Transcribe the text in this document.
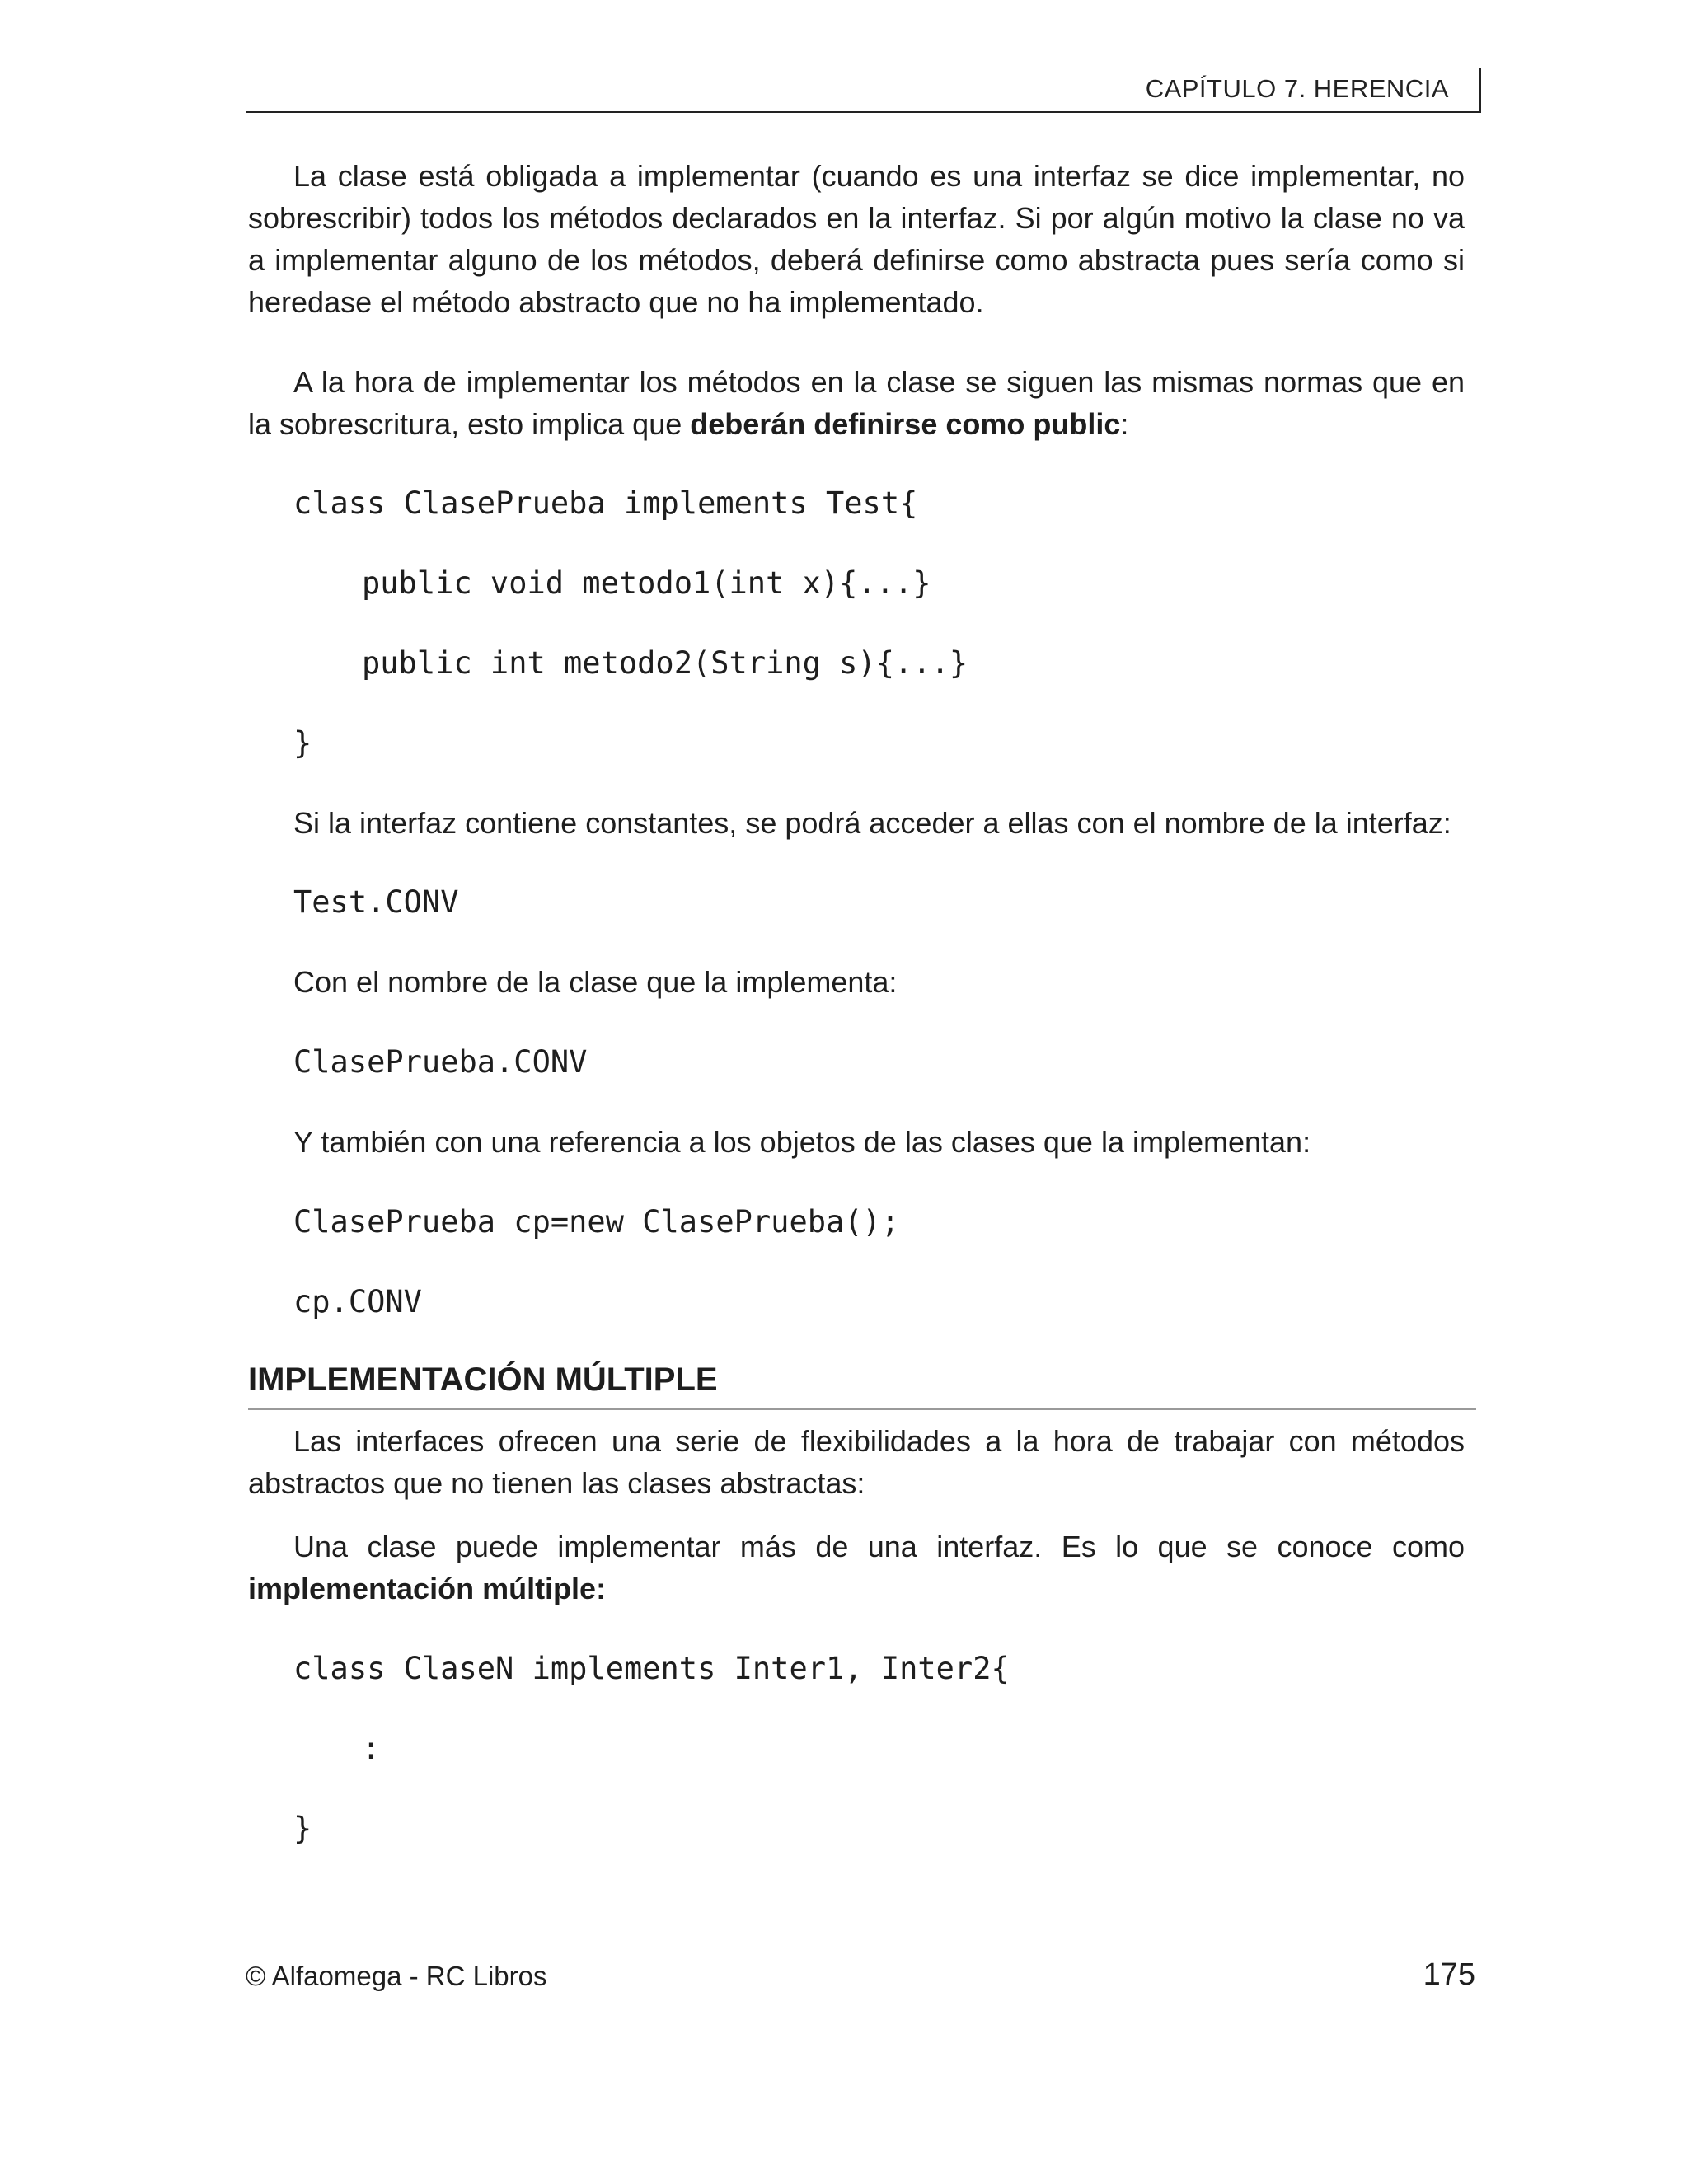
CAPÍTULO 7. HERENCIA

La clase está obligada a implementar (cuando es una interfaz se dice implementar, no sobrescribir) todos los métodos declarados en la interfaz. Si por algún motivo la clase no va a implementar alguno de los métodos, deberá definirse como abstracta pues sería como si heredase el método abstracto que no ha implementado.

A la hora de implementar los métodos en la clase se siguen las mismas normas que en la sobrescritura, esto implica que deberán definirse como public:

class ClasePrueba implements Test{
public void metodo1(int x){...}
public int metodo2(String s){...}
}

Si la interfaz contiene constantes, se podrá acceder a ellas con el nombre de la interfaz:

Test.CONV

Con el nombre de la clase que la implementa:

ClasePrueba.CONV

Y también con una referencia a los objetos de las clases que la implementan:

ClasePrueba cp=new ClasePrueba();
cp.CONV
IMPLEMENTACIÓN MÚLTIPLE

Las interfaces ofrecen una serie de flexibilidades a la hora de trabajar con métodos abstractos que no tienen las clases abstractas:

Una clase puede implementar más de una interfaz. Es lo que se conoce como implementación múltiple:

class ClaseN implements Inter1, Inter2{
:
}
© Alfaomega - RC Libros	175
